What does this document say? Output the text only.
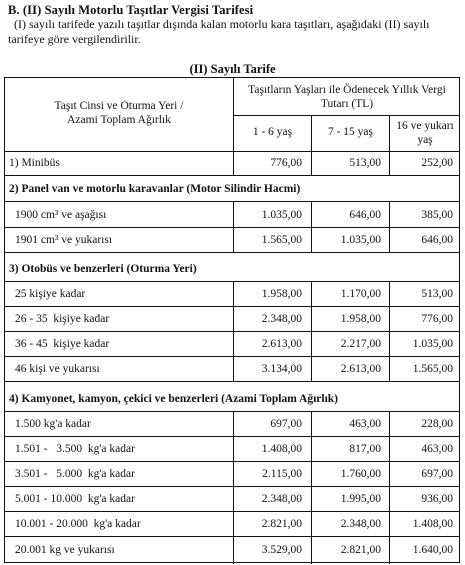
B. (II) Sayılı Motorlu Taşıtlar Vergisi Tarifesi
(I) sayılı tarifede yazılı taşıtlar dışında kalan motorlu kara taşıtları, aşağıdaki (II) sayılı
tarifeye göre vergilendirilir.
(II) Sayılı Tarife
Taşıt Cinsi ve Oturma Yeri /
Azami Toplam Ağırlık
Taşıtların Yaşları ile Ödenecek Yıllık Vergi
Tutarı (TL)
1 - 6 yaş	7 - 15 yaş	16 ve yukarı
yaş
1) Minibüs	776,00	513,00	252,00
2) Panel van ve motorlu karavanlar (Motor Silindir Hacmi)
1900 cm³ ve aşağısı	1.035,00	646,00	385,00
1901 cm³ ve yukarısı	1.565,00	1.035,00	646,00
3) Otobüs ve benzerleri (Oturma Yeri)
25 kişiye kadar	1.958,00	1.170,00	513,00
26 - 35  kişiye kadar	2.348,00	1.958,00	776,00
36 - 45  kişiye kadar	2.613,00	2.217,00	1.035,00
46 kişi ve yukarısı	3.134,00	2.613,00	1.565,00
4) Kamyonet, kamyon, çekici ve benzerleri (Azami Toplam Ağırlık)
1.500 kg'a kadar	697,00	463,00	228,00
1.501 -   3.500  kg'a kadar	1.408,00	817,00	463,00
3.501 -   5.000  kg'a kadar	2.115,00	1.760,00	697,00
5.001 - 10.000  kg'a kadar	2.348,00	1.995,00	936,00
10.001 - 20.000  kg'a kadar	2.821,00	2.348,00	1.408,00
20.001 kg ve yukarısı	3.529,00	2.821,00	1.640,00
